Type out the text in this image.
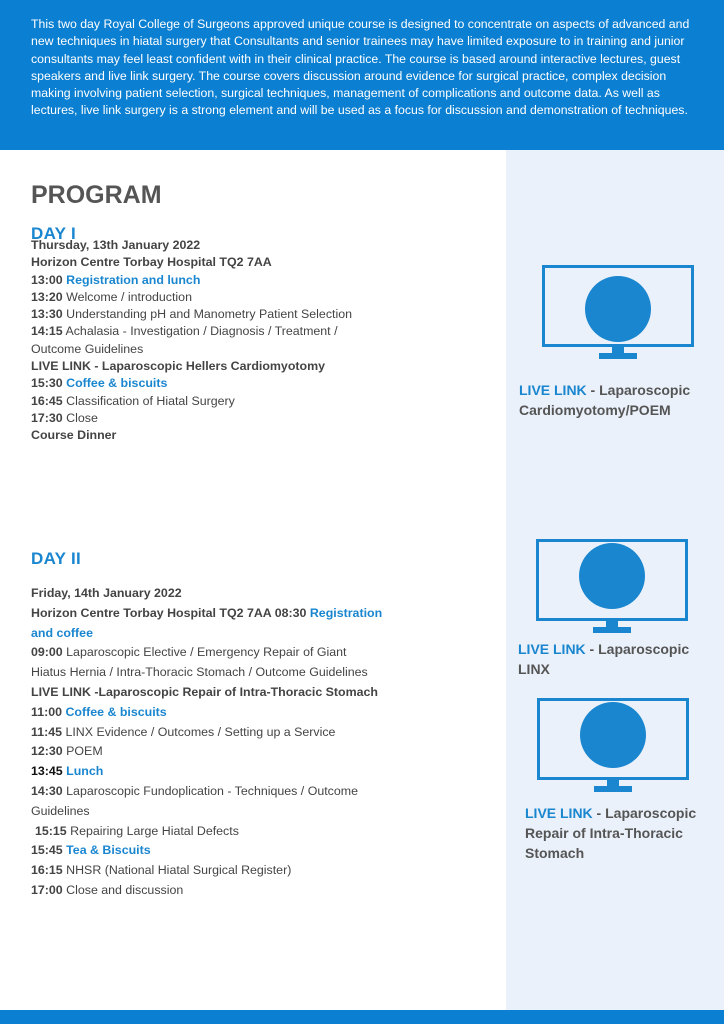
This two day Royal College of Surgeons approved unique course is designed to concentrate on aspects of advanced and new techniques in hiatal surgery that Consultants and senior trainees may have limited exposure to in training and junior consultants may feel least confident with in their clinical practice. The course is based around interactive lectures, guest speakers and live link surgery. The course covers discussion around evidence for surgical practice, complex decision making involving patient selection, surgical techniques, management of complications and outcome data. As well as lectures, live link surgery is a strong element and will be used as a focus for discussion and demonstration of techniques.

PROGRAM
DAY I
Thursday, 13th January 2022
Horizon Centre Torbay Hospital TQ2 7AA
13:00 Registration and lunch
13:20 Welcome / introduction
13:30 Understanding pH and Manometry Patient Selection
14:15 Achalasia - Investigation / Diagnosis / Treatment /
Outcome Guidelines
LIVE LINK - Laparoscopic Hellers Cardiomyotomy
15:30 Coffee & biscuits
16:45 Classification of Hiatal Surgery
17:30 Close
Course Dinner
DAY II
Friday, 14th January 2022
Horizon Centre Torbay Hospital TQ2 7AA 08:30 Registration
and coffee
09:00 Laparoscopic Elective / Emergency Repair of Giant
Hiatus Hernia / Intra-Thoracic Stomach / Outcome Guidelines
LIVE LINK -Laparoscopic Repair of Intra-Thoracic Stomach
11:00 Coffee & biscuits
11:45 LINX Evidence / Outcomes / Setting up a Service
12:30 POEM
13:45 Lunch
14:30 Laparoscopic Fundoplication - Techniques / Outcome
Guidelines
15:15 Repairing Large Hiatal Defects
15:45 Tea & Biscuits
16:15 NHSR (National Hiatal Surgical Register)
17:00 Close and discussion

LIVE LINK - Laparoscopic
Cardiomyotomy/POEM

LIVE LINK - Laparoscopic
LINX

LIVE LINK - Laparoscopic
Repair of Intra-Thoracic
Stomach
